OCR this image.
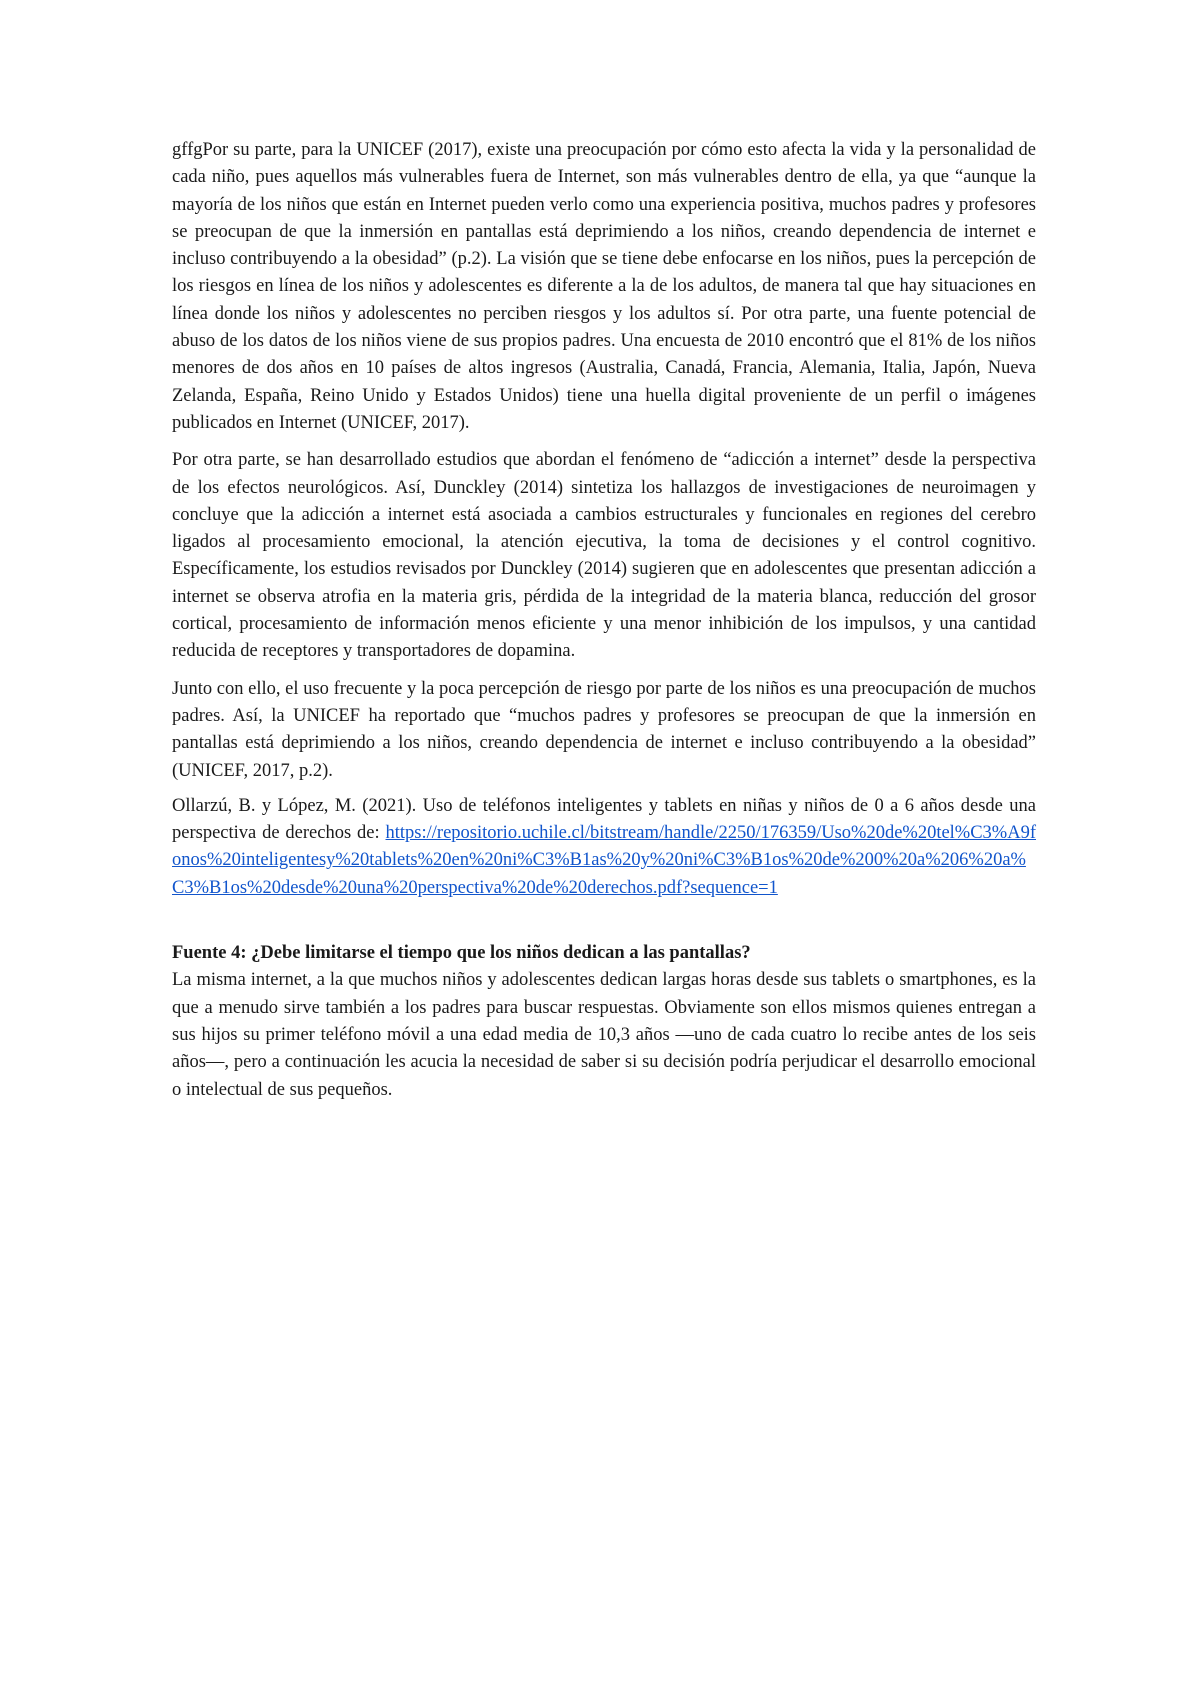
gffgPor su parte, para la UNICEF (2017), existe una preocupación por cómo esto afecta la vida y la personalidad de cada niño, pues aquellos más vulnerables fuera de Internet, son más vulnerables dentro de ella, ya que “aunque la mayoría de los niños que están en Internet pueden verlo como una experiencia positiva, muchos padres y profesores se preocupan de que la inmersión en pantallas está deprimiendo a los niños, creando dependencia de internet e incluso contribuyendo a la obesidad” (p.2). La visión que se tiene debe enfocarse en los niños, pues la percepción de los riesgos en línea de los niños y adolescentes es diferente a la de los adultos, de manera tal que hay situaciones en línea donde los niños y adolescentes no perciben riesgos y los adultos sí. Por otra parte, una fuente potencial de abuso de los datos de los niños viene de sus propios padres. Una encuesta de 2010 encontró que el 81% de los niños menores de dos años en 10 países de altos ingresos (Australia, Canadá, Francia, Alemania, Italia, Japón, Nueva Zelanda, España, Reino Unido y Estados Unidos) tiene una huella digital proveniente de un perfil o imágenes publicados en Internet (UNICEF, 2017).

Por otra parte, se han desarrollado estudios que abordan el fenómeno de “adicción a internet” desde la perspectiva de los efectos neurológicos. Así, Dunckley (2014) sintetiza los hallazgos de investigaciones de neuroimagen y concluye que la adicción a internet está asociada a cambios estructurales y funcionales en regiones del cerebro ligados al procesamiento emocional, la atención ejecutiva, la toma de decisiones y el control cognitivo. Específicamente, los estudios revisados por Dunckley (2014) sugieren que en adolescentes que presentan adicción a internet se observa atrofia en la materia gris, pérdida de la integridad de la materia blanca, reducción del grosor cortical, procesamiento de información menos eficiente y una menor inhibición de los impulsos, y una cantidad reducida de receptores y transportadores de dopamina.

Junto con ello, el uso frecuente y la poca percepción de riesgo por parte de los niños es una preocupación de muchos padres. Así, la UNICEF ha reportado que “muchos padres y profesores se preocupan de que la inmersión en pantallas está deprimiendo a los niños, creando dependencia de internet e incluso contribuyendo a la obesidad” (UNICEF, 2017, p.2).

Ollarzú, B. y López, M. (2021). Uso de teléfonos inteligentes y tablets en niñas y niños de 0 a 6 años desde una perspectiva de derechos de: https://repositorio.uchile.cl/bitstream/handle/2250/176359/Uso%20de%20tel%C3%A9fonos%20inteligentesy%20tablets%20en%20ni%C3%B1as%20y%20ni%C3%B1os%20de%200%20a%206%20a%C3%B1os%20desde%20una%20perspectiva%20de%20derechos.pdf?sequence=1

Fuente 4: ¿Debe limitarse el tiempo que los niños dedican a las pantallas?

La misma internet, a la que muchos niños y adolescentes dedican largas horas desde sus tablets o smartphones, es la que a menudo sirve también a los padres para buscar respuestas. Obviamente son ellos mismos quienes entregan a sus hijos su primer teléfono móvil a una edad media de 10,3 años —uno de cada cuatro lo recibe antes de los seis años—, pero a continuación les acucia la necesidad de saber si su decisión podría perjudicar el desarrollo emocional o intelectual de sus pequeños.
